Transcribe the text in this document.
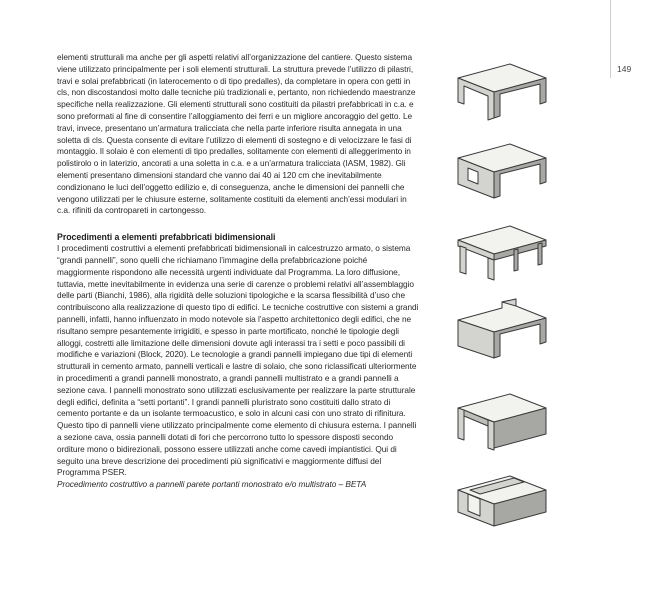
149

elementi strutturali ma anche per gli aspetti relativi all’organizzazione del cantiere. Questo sistema viene utilizzato principalmente per i soli elementi strutturali. La struttura prevede l’utilizzo di pilastri, travi e solai prefabbricati (in laterocemento o di tipo predalles), da completare in opera con getti in cls, non discostandosi molto dalle tecniche più tradizionali e, pertanto, non richiedendo maestranze specifiche nella realizzazione. Gli elementi strutturali sono costituiti da pilastri prefabbricati in c.a. e sono preformati al fine di consentire l’alloggiamento dei ferri e un migliore ancoraggio del getto. Le travi, invece, presentano un’armatura tralicciata che nella parte inferiore risulta annegata in una soletta di cls. Questa consente di evitare l’utilizzo di elementi di sostegno e di velocizzare le fasi di montaggio. Il solaio è con elementi di tipo predalles, solitamente con elementi di alleggerimento in polistirolo o in laterizio, ancorati a una soletta in c.a. e a un’armatura tralicciata (IASM, 1982). Gli elementi presentano dimensioni standard che vanno dai 40 ai 120 cm che inevitabilmente condizionano le luci dell’oggetto edilizio e, di conseguenza, anche le dimensioni dei pannelli che vengono utilizzati per le chiusure esterne, solitamente costituiti da elementi anch’essi modulari in c.a. rifiniti da contropareti in cartongesso.

Procedimenti a elementi prefabbricati bidimensionali

I procedimenti costruttivi a elementi prefabbricati bidimensionali in calcestruzzo armato, o sistema “grandi pannelli”, sono quelli che richiamano l’immagine della prefabbricazione poiché maggiormente rispondono alle necessità urgenti individuate dal Programma. La loro diffusione, tuttavia, mette inevitabilmente in evidenza una serie di carenze o problemi relativi all’assemblaggio delle parti (Bianchi, 1986), alla rigidità delle soluzioni tipologiche e la scarsa flessibilità d’uso che contribuiscono alla realizzazione di questo tipo di edifici. Le tecniche costruttive con sistemi a grandi pannelli, infatti, hanno influenzato in modo notevole sia l’aspetto architettonico degli edifici, che ne risultano sempre pesantemente irrigiditi, e spesso in parte mortificato, nonché le tipologie degli alloggi, costretti alle limitazione delle dimensioni dovute agli interassi tra i setti e poco passibili di modifiche e variazioni (Block, 2020). Le tecnologie a grandi pannelli impiegano due tipi di elementi strutturali in cemento armato, pannelli verticali e lastre di solaio, che sono riclassificati ulteriormente in procedimenti a grandi pannelli monostrato, a grandi pannelli multistrato e a grandi pannelli a sezione cava. I pannelli monostrato sono utilizzati esclusivamente per realizzare la parte strutturale degli edifici, definita a “setti portanti”. I grandi pannelli pluristrato sono costituiti dallo strato di cemento portante e da un isolante termoacustico, e solo in alcuni casi con uno strato di rifinitura. Questo tipo di pannelli viene utilizzato principalmente come elemento di chiusura esterna. I pannelli a sezione cava, ossia pannelli dotati di fori che percorrono tutto lo spessore disposti secondo orditure mono o bidirezionali, possono essere utilizzati anche come cavedi impiantistici. Qui di seguito una breve descrizione dei procedimenti più significativi e maggiormente diffusi del Programma PSER.

Procedimento costruttivo a pannelli parete portanti monostrato e/o multistrato – BETA
